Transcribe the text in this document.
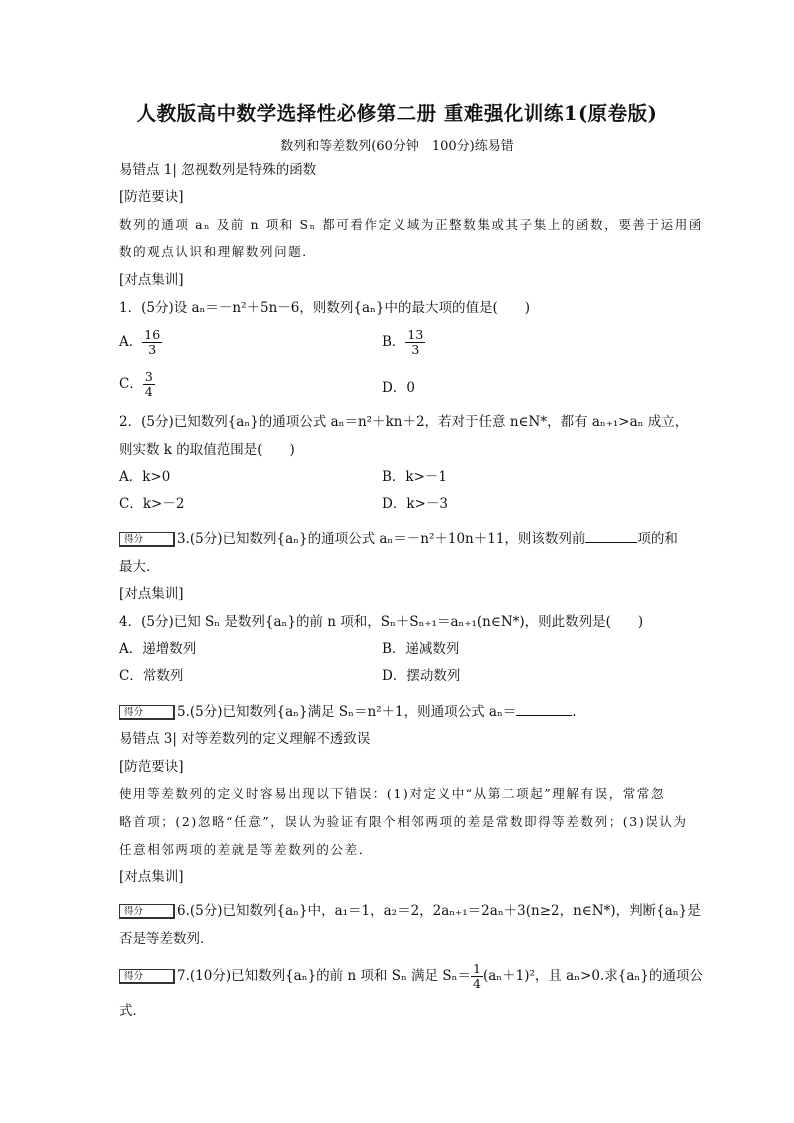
人教版高中数学选择性必修第二册 重难强化训练1(原卷版)
数列和等差数列(60分钟　100分)练易错
易错点 1| 忽视数列是特殊的函数
[防范要诀]
数列的通项 aₙ 及前 n 项和 Sₙ 都可看作定义域为正整数集或其子集上的函数，要善于运用函
数的观点认识和理解数列问题．
[对点集训]
1．(5分)设 aₙ＝－n²＋5n－6，则数列{aₙ}中的最大项的值是(　　)
A． $\frac{16}{3}$	B． $\frac{13}{3}$
C． $\frac{3}{4}$	D．0
2．(5分)已知数列{aₙ}的通项公式 aₙ＝n²＋kn＋2，若对于任意 n∈N*，都有 aₙ₊₁>aₙ 成立，
则实数 k 的取值范围是(　　)
A．k>0	B．k>－1
C．k>－2	D．k>－3
得分	3.(5分)已知数列{aₙ}的通项公式 aₙ＝－n²＋10n＋11，则该数列前	项的和
最大．
[对点集训]
4．(5分)已知 Sₙ 是数列{aₙ}的前 n 项和，Sₙ＋Sₙ₊₁＝aₙ₊₁(n∈N*)，则此数列是(　　)
A．递增数列	B．递减数列
C．常数列	D．摆动数列
得分	5.(5分)已知数列{aₙ}满足 Sₙ＝n²＋1，则通项公式 aₙ＝	.
易错点 3| 对等差数列的定义理解不透致误
[防范要诀]
使用等差数列的定义时容易出现以下错误：(1)对定义中“从第二项起”理解有误，常常忽
略首项；(2)忽略“任意”，误认为验证有限个相邻两项的差是常数即得等差数列；(3)误认为
任意相邻两项的差就是等差数列的公差．
[对点集训]
得分	6.(5分)已知数列{aₙ}中，a₁＝1，a₂＝2，2aₙ₊₁＝2aₙ＋3(n≥2，n∈N*)，判断{aₙ}是
否是等差数列．
得分	7.(10分)已知数列{aₙ}的前 n 项和 Sₙ 满足 $S_n= \frac{1}{4} (a_n+1)^2$，且 aₙ>0.求{aₙ}的通项公
式．
